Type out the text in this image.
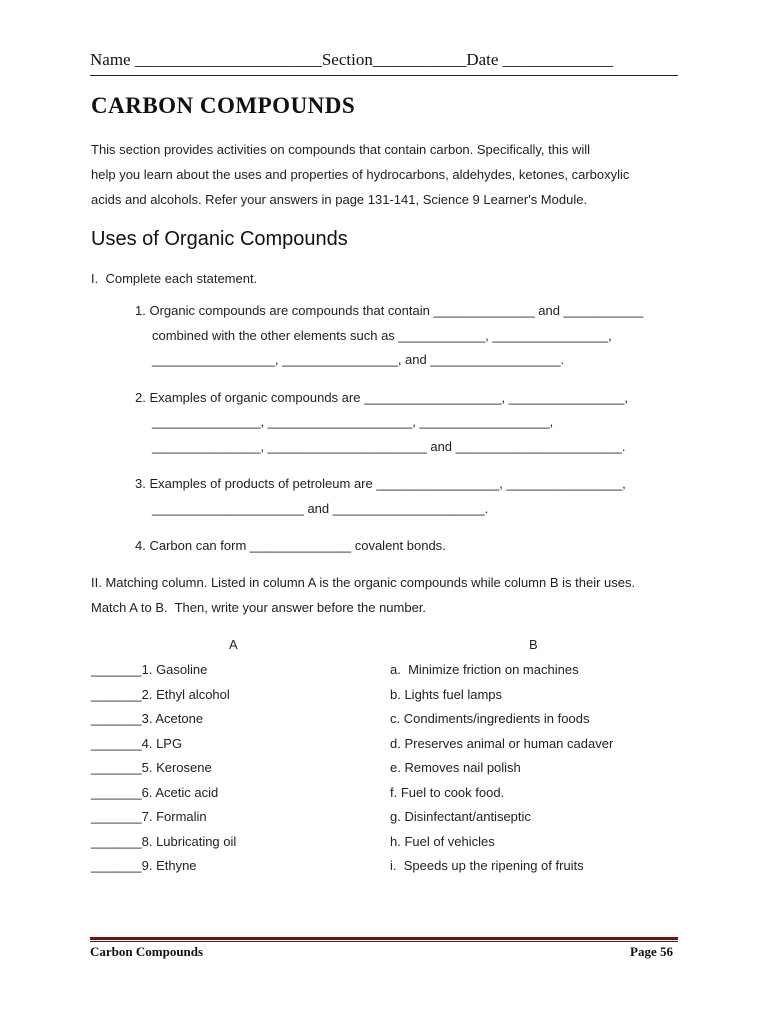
Name ______________________Section___________Date _____________
CARBON COMPOUNDS

This section provides activities on compounds that contain carbon. Specifically, this will

help you learn about the uses and properties of hydrocarbons, aldehydes, ketones, carboxylic

acids and alcohols. Refer your answers in page 131-141, Science 9 Learner's Module.

Uses of Organic Compounds
I.  Complete each statement.
1. Organic compounds are compounds that contain ______________ and ___________
combined with the other elements such as ____________, ________________,
_________________, ________________, and __________________.
2. Examples of organic compounds are ___________________, ________________,
_______________, ____________________, __________________,
_______________, ______________________ and _______________________.
3. Examples of products of petroleum are _________________, ________________,
_____________________ and _____________________.
4. Carbon can form ______________ covalent bonds.
II. Matching column. Listed in column A is the organic compounds while column B is their uses.
Match A to B.  Then, write your answer before the number.
A	B
_______1. Gasoline
_______2. Ethyl alcohol
_______3. Acetone
_______4. LPG
_______5. Kerosene
_______6. Acetic acid
_______7. Formalin
_______8. Lubricating oil
_______9. Ethyne
a.  Minimize friction on machines
b. Lights fuel lamps
c. Condiments/ingredients in foods
d. Preserves animal or human cadaver
e. Removes nail polish
f. Fuel to cook food.
g. Disinfectant/antiseptic
h. Fuel of vehicles
i.  Speeds up the ripening of fruits
Carbon Compounds	Page 56
